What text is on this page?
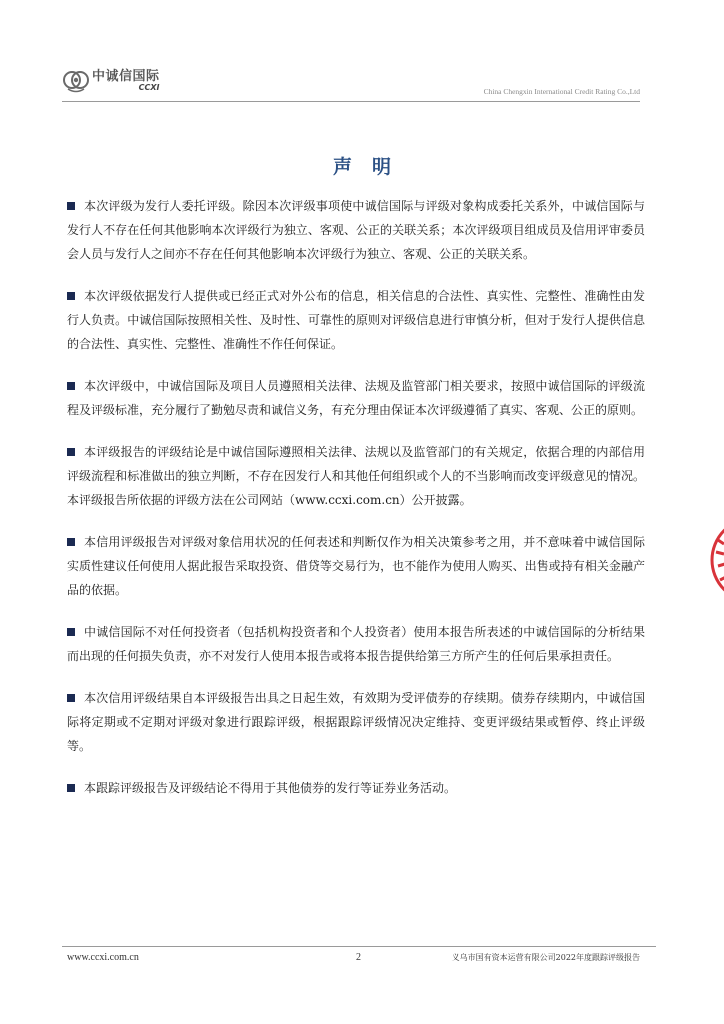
中诚信国际
CCXI	China Chengxin International Credit Rating Co.,Ltd
声明
本次评级为发行人委托评级。除因本次评级事项使中诚信国际与评级对象构成委托关系外，中诚信国际与发行人不存在任何其他影响本次评级行为独立、客观、公正的关联关系；本次评级项目组成员及信用评审委员会人员与发行人之间亦不存在任何其他影响本次评级行为独立、客观、公正的关联关系。
本次评级依据发行人提供或已经正式对外公布的信息，相关信息的合法性、真实性、完整性、准确性由发行人负责。中诚信国际按照相关性、及时性、可靠性的原则对评级信息进行审慎分析，但对于发行人提供信息的合法性、真实性、完整性、准确性不作任何保证。
本次评级中，中诚信国际及项目人员遵照相关法律、法规及监管部门相关要求，按照中诚信国际的评级流程及评级标准，充分履行了勤勉尽责和诚信义务，有充分理由保证本次评级遵循了真实、客观、公正的原则。
本评级报告的评级结论是中诚信国际遵照相关法律、法规以及监管部门的有关规定，依据合理的内部信用评级流程和标准做出的独立判断，不存在因发行人和其他任何组织或个人的不当影响而改变评级意见的情况。本评级报告所依据的评级方法在公司网站（www.ccxi.com.cn）公开披露。
本信用评级报告对评级对象信用状况的任何表述和判断仅作为相关决策参考之用，并不意味着中诚信国际实质性建议任何使用人据此报告采取投资、借贷等交易行为，也不能作为使用人购买、出售或持有相关金融产品的依据。
中诚信国际不对任何投资者（包括机构投资者和个人投资者）使用本报告所表述的中诚信国际的分析结果而出现的任何损失负责，亦不对发行人使用本报告或将本报告提供给第三方所产生的任何后果承担责任。
本次信用评级结果自本评级报告出具之日起生效，有效期为受评债券的存续期。债券存续期内，中诚信国际将定期或不定期对评级对象进行跟踪评级，根据跟踪评级情况决定维持、变更评级结果或暂停、终止评级等。
本跟踪评级报告及评级结论不得用于其他债券的发行等证券业务活动。
www.ccxi.com.cn	2	义乌市国有资本运营有限公司2022年度跟踪评级报告
